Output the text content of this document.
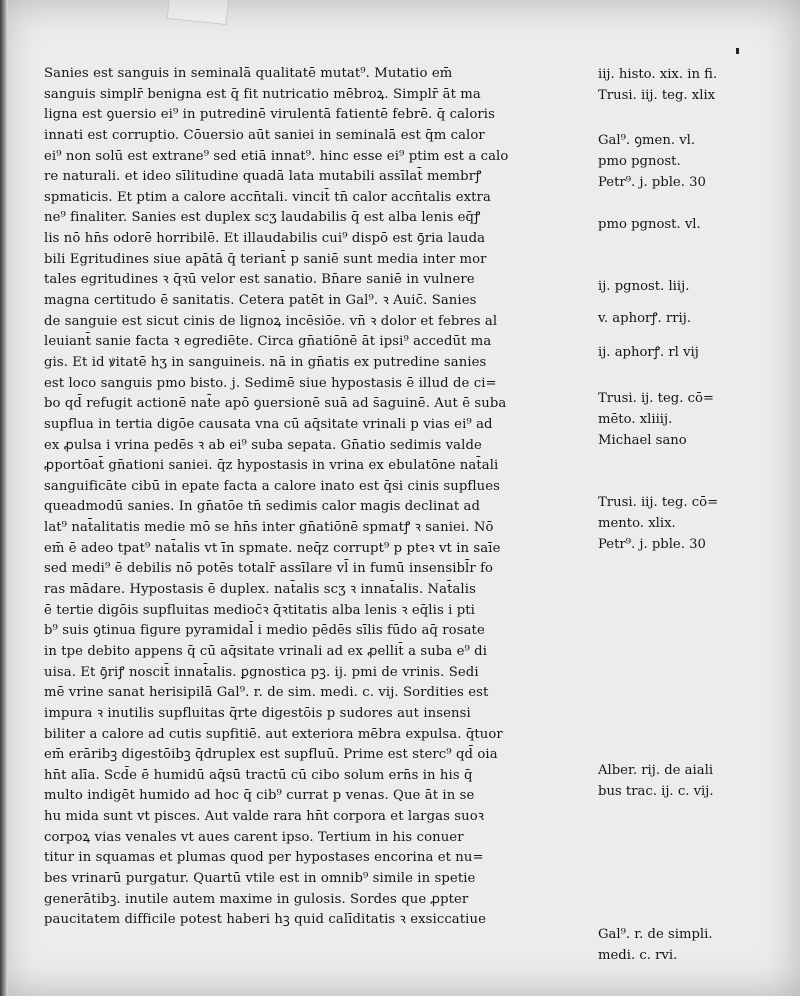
Sanies est sanguis in seminalā qualitatē mutat⁹. Mutatio em̄
sanguis simplr̄ benigna est q̄ fit nutricatio mēbroꝝ. Simplr̄ āt ma
ligna est ꝯuersio ei⁹ in putredinē virulentā fatientē febrē. q̄ caloris
innati est corruptio. Cōuersio aūt saniei in seminalā est q̄m calor
ei⁹ non solū est extrane⁹ sed etiā innat⁹. hinc esse ei⁹ ptim est a calo
re naturali. et ideo sīlitudine quadā lata mutabili assīlat̄ membrꝭ
spmaticis. Et ptim a calore accn̄tali. vincit̄ tn̄ calor accn̄talis extra
ne⁹ finaliter. Sanies est duplex scʒ laudabilis q̄ est alba lenis eq̄ꝭ
lis nō hn̄s odorē horribilē. Et illaudabilis cui⁹ dispō est ꝯ̄ria lauda
bili Egritudines siue apātā q̄ teriant̄ p saniē sunt media inter mor
tales egritudines ꝛ q̄ꝛū velor est sanatio. Bn̄are saniē in vulnere
magna certitudo ē sanitatis. Cetera patēt in Gal⁹. ꝛ Auic̄. Sanies
de sanguie est sicut cinis de lignoꝝ incēsiōe. vn̄ ꝛ dolor et febres al
leuiant̄ sanie facta ꝛ egrediēte. Circa gn̄atiōnē āt ipsi⁹ accedūt ma
gis. Et id ꝟitatē hʒ in sanguineis. nā in gn̄atis ex putredine sanies
est loco sanguis pmo bisto. j. Sedimē siue hypostasis ē illud de ci=
bo qd̄ refugit actionē nat̄e apō ꝯuersionē suā ad s̄aguinē. Aut ē suba
supflua in tertia digōe causata vna cū aq̄sitate vrinali p vias ei⁹ ad
ex ꝓulsa i vrina pedēs ꝛ ab ei⁹ suba sepata. Gn̄atio sedimis valde
ꝓportōat̄ gn̄ationi saniei. q̄z hypostasis in vrina ex ebulatōne nat̄ali
sanguificāte cibū in epate facta a calore inato est q̄si cinis supflues
queadmodū sanies. In gn̄atōe tn̄ sedimis calor magis declinat ad
lat⁹ nat̄alitatis medie mō se hn̄s inter gn̄atiōnē spmatꝭ ꝛ saniei. Nō
em̄ ē adeo tpat⁹ nat̄alis vt ī̄n spmate. neq̄z corrupt⁹ p pteꝛ vt in saīe
sed medi⁹ ē debilis nō potēs totalr̄ assīlare vl̄ in fumū insensibl̄r fo
ras mādare. Hypostasis ē duplex. nat̄alis scʒ ꝛ innat̄alis. Nat̄alis
ē tertie digōis supfluitas medioc̄ꝛ q̄ꝛtitatis alba lenis ꝛ eq̄lis i pti
b⁹ suis ꝯtinua figure pyramidal̄ i medio pēdēs sīlis fūdo aq̄ rosate
in tpe debito appens q̄ cū aq̄sitate vrinali ad ex ꝓellit̄ a suba e⁹ di
uisa. Et ꝯ̄riꝭ noscit̄ innat̄alis. ꝑgnostica pꝫ. ij. pmi de vrinis. Sedi
mē vrine sanat herisipilā Gal⁹. r. de sim. medi. c. vij. Sordities est
impura ꝛ inutilis supfluitas q̄rte digestōis p sudores aut insensi
biliter a calore ad cutis supfitiē. aut exteriora mēbra expulsa. q̄tuor
em̄ erāribꝫ digestōibꝫ q̄druplex est supfluū. Prime est sterc⁹ qd̄ oia
hn̄t alīa. Scd̄e ē humidū aq̄sū tractū cū cibo solum ern̄s in his q̄
multo indigēt humido ad hoc q̄ cib⁹ currat p venas. Que āt in se
hu mida sunt vt pisces. Aut valde rara hn̄t corpora et largas suoꝛ
corpoꝝ vias venales vt aues carent ipso. Tertium in his conuer
titur in squamas et plumas quod per hypostases encorina et nu=
bes vrinarū purgatur. Quartū vtile est in omnib⁹ simile in spetie
generātibꝫ. inutile autem maxime in gulosis. Sordes que ꝓpter
paucitatem difficile potest haberi hꝫ quid calīditatis ꝛ exsiccatiue
iij. histo. xix. in fi.
Trusi. iij. teg. xlix
Gal⁹. ꝯmen. vl.
pmo pgnost.
Petr⁹. j. pble. 30
pmo pgnost. vl.
ij. pgnost. liij.
v. aphorꝭ. rrij.
ij. aphorꝭ. rl vij
Trusi. ij. teg. cō=
mēto. xliiij.
Michael sano
Trusi. iij. teg. cō=
mento. xlix.
Petr⁹. j. pble. 30
Alber. rij. de aiali
bus trac. ij. c. vij.
Gal⁹. r. de simpli.
medi. c. rvi.
